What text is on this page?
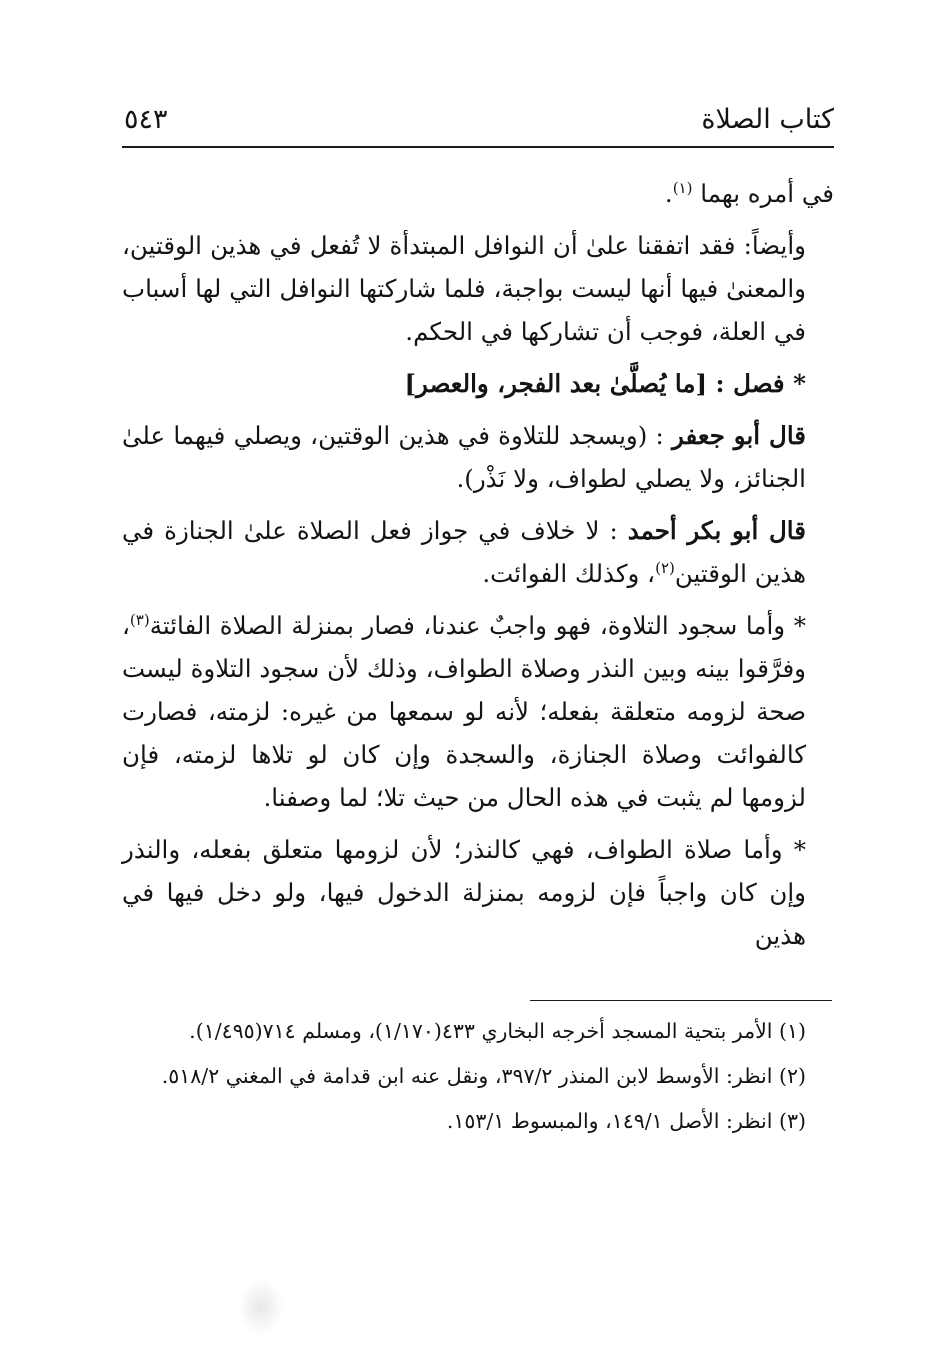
كتاب الصلاة
٥٤٣

في أمره بهما $^{(١)}$.

وأيضاً: فقد اتفقنا علىٰ أن النوافل المبتدأة لا تُفعل في هذين الوقتين، والمعنىٰ فيها أنها ليست بواجبة، فلما شاركتها النوافل التي لها أسباب في العلة، فوجب أن تشاركها في الحكم.

* فصل : [ما يُصلَّىٰ بعد الفجر، والعصر]

قال أبو جعفر : (ويسجد للتلاوة في هذين الوقتين، ويصلي فيهما علىٰ الجنائز، ولا يصلي لطواف، ولا نَذْر).

قال أبو بكر أحمد : لا خلاف في جواز فعل الصلاة علىٰ الجنازة في هذين الوقتين$^{(٢)}$، وكذلك الفوائت.

* وأما سجود التلاوة، فهو واجبٌ عندنا، فصار بمنزلة الصلاة الفائتة$^{(٣)}$، وفرَّقوا بينه وبين النذر وصلاة الطواف، وذلك لأن سجود التلاوة ليست صحة لزومه متعلقة بفعله؛ لأنه لو سمعها من غيره: لزمته، فصارت كالفوائت وصلاة الجنازة، والسجدة وإن كان لو تلاها لزمته، فإن لزومها لم يثبت في هذه الحال من حيث تلا؛ لما وصفنا.

* وأما صلاة الطواف، فهي كالنذر؛ لأن لزومها متعلق بفعله، والنذر وإن كان واجباً فإن لزومه بمنزلة الدخول فيها، ولو دخل فيها في هذين

(١) الأمر بتحية المسجد أخرجه البخاري ٤٣٣(١/١٧٠)، ومسلم ٧١٤(١/٤٩٥).

(٢) انظر: الأوسط لابن المنذر ٣٩٧/٢، ونقل عنه ابن قدامة في المغني ٥١٨/٢.

(٣) انظر: الأصل ١٤٩/١، والمبسوط ١٥٣/١.
